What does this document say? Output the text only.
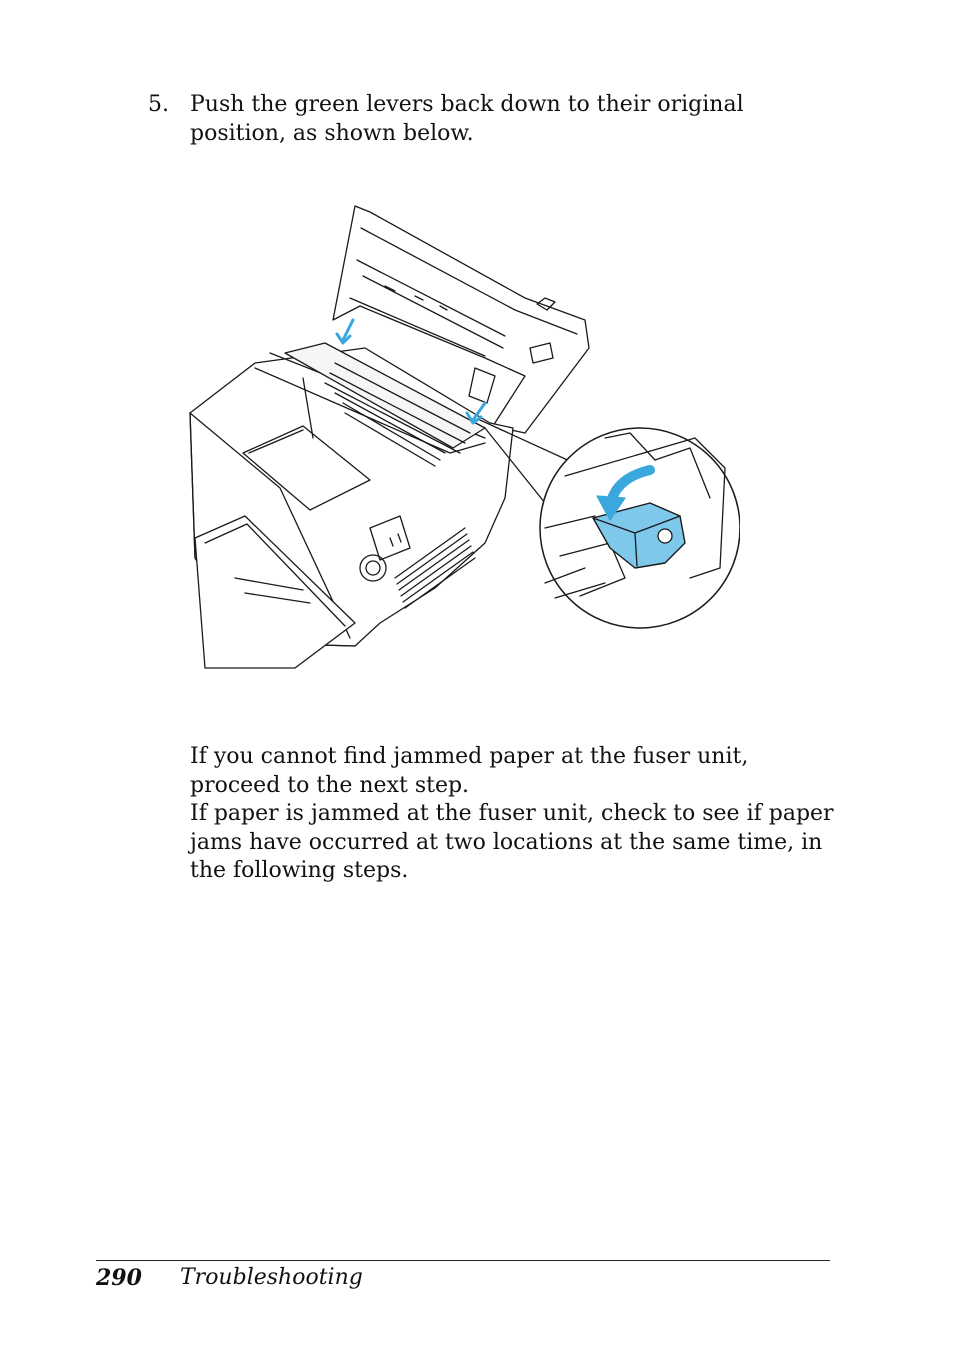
5. Push the green levers back down to their original position, as shown below.

If you cannot find jammed paper at the fuser unit, proceed to the next step.

If paper is jammed at the fuser unit, check to see if paper jams have occurred at two locations at the same time, in the following steps.

290 Troubleshooting
